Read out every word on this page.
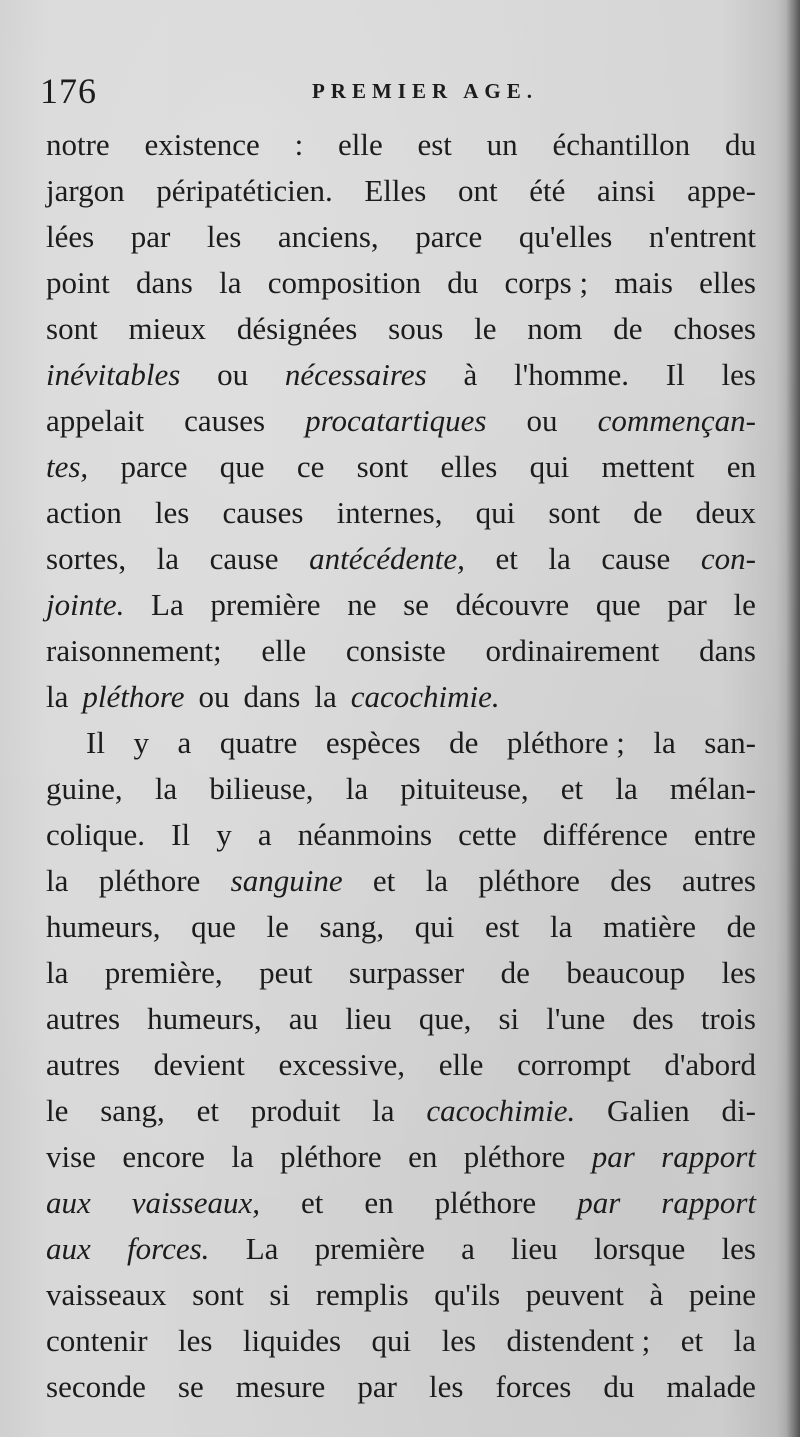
176	PREMIER AGE.
notre existence : elle est un échantillon du
jargon péripatéticien. Elles ont été ainsi appe-
lées par les anciens, parce qu'elles n'entrent
point dans la composition du corps ; mais elles
sont mieux désignées sous le nom de choses
inévitables ou nécessaires à l'homme. Il les
appelait causes procatartiques ou commençan-
tes, parce que ce sont elles qui mettent en
action les causes internes, qui sont de deux
sortes, la cause antécédente, et la cause con-
jointe. La première ne se découvre que par le
raisonnement; elle consiste ordinairement dans
la pléthore ou dans la cacochimie.
Il y a quatre espèces de pléthore ; la san-
guine, la bilieuse, la pituiteuse, et la mélan-
colique. Il y a néanmoins cette différence entre
la pléthore sanguine et la pléthore des autres
humeurs, que le sang, qui est la matière de
la première, peut surpasser de beaucoup les
autres humeurs, au lieu que, si l'une des trois
autres devient excessive, elle corrompt d'abord
le sang, et produit la cacochimie. Galien di-
vise encore la pléthore en pléthore par rapport
aux vaisseaux, et en pléthore par rapport
aux forces. La première a lieu lorsque les
vaisseaux sont si remplis qu'ils peuvent à peine
contenir les liquides qui les distendent ; et la
seconde se mesure par les forces du malade
